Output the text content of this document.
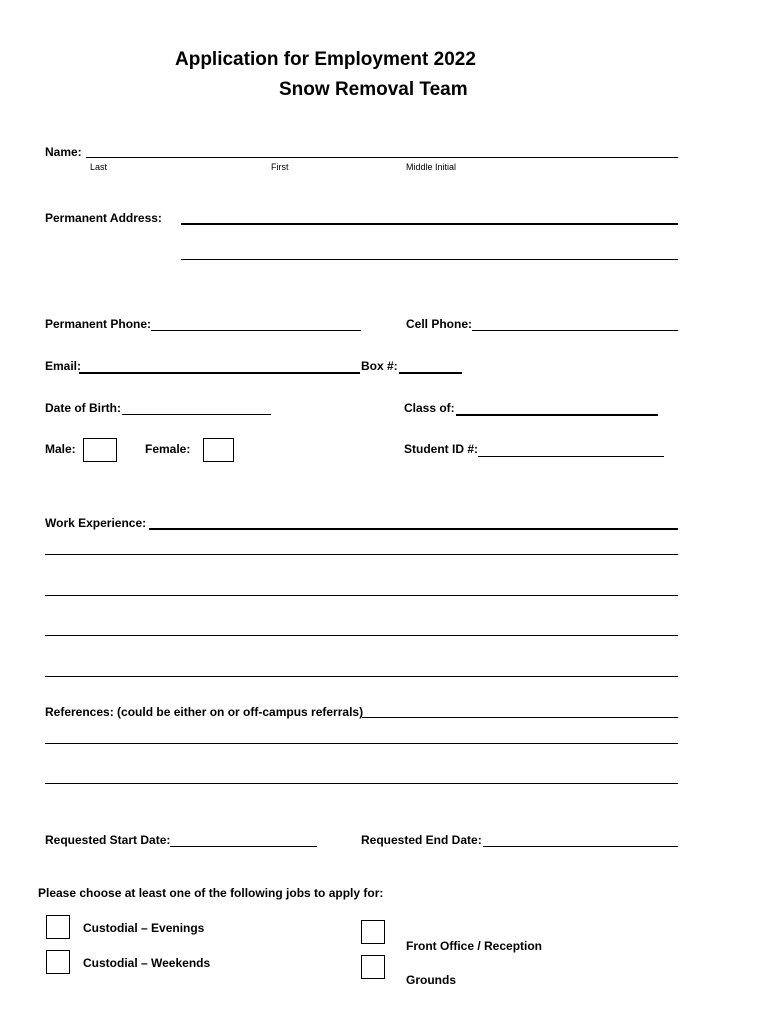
Application for Employment 2022
Snow Removal Team
Name:
Last	First	Middle Initial
Permanent Address:
Permanent Phone:	Cell Phone:
Email:	Box #:
Date of Birth:	Class of:
Male:	Female:	Student ID #:
Work Experience:
References: (could be either on or off-campus referrals)
Requested Start Date:	Requested End Date:
Please choose at least one of the following jobs to apply for:
Custodial – Evenings
Custodial – Weekends
Front Office / Reception
Grounds
